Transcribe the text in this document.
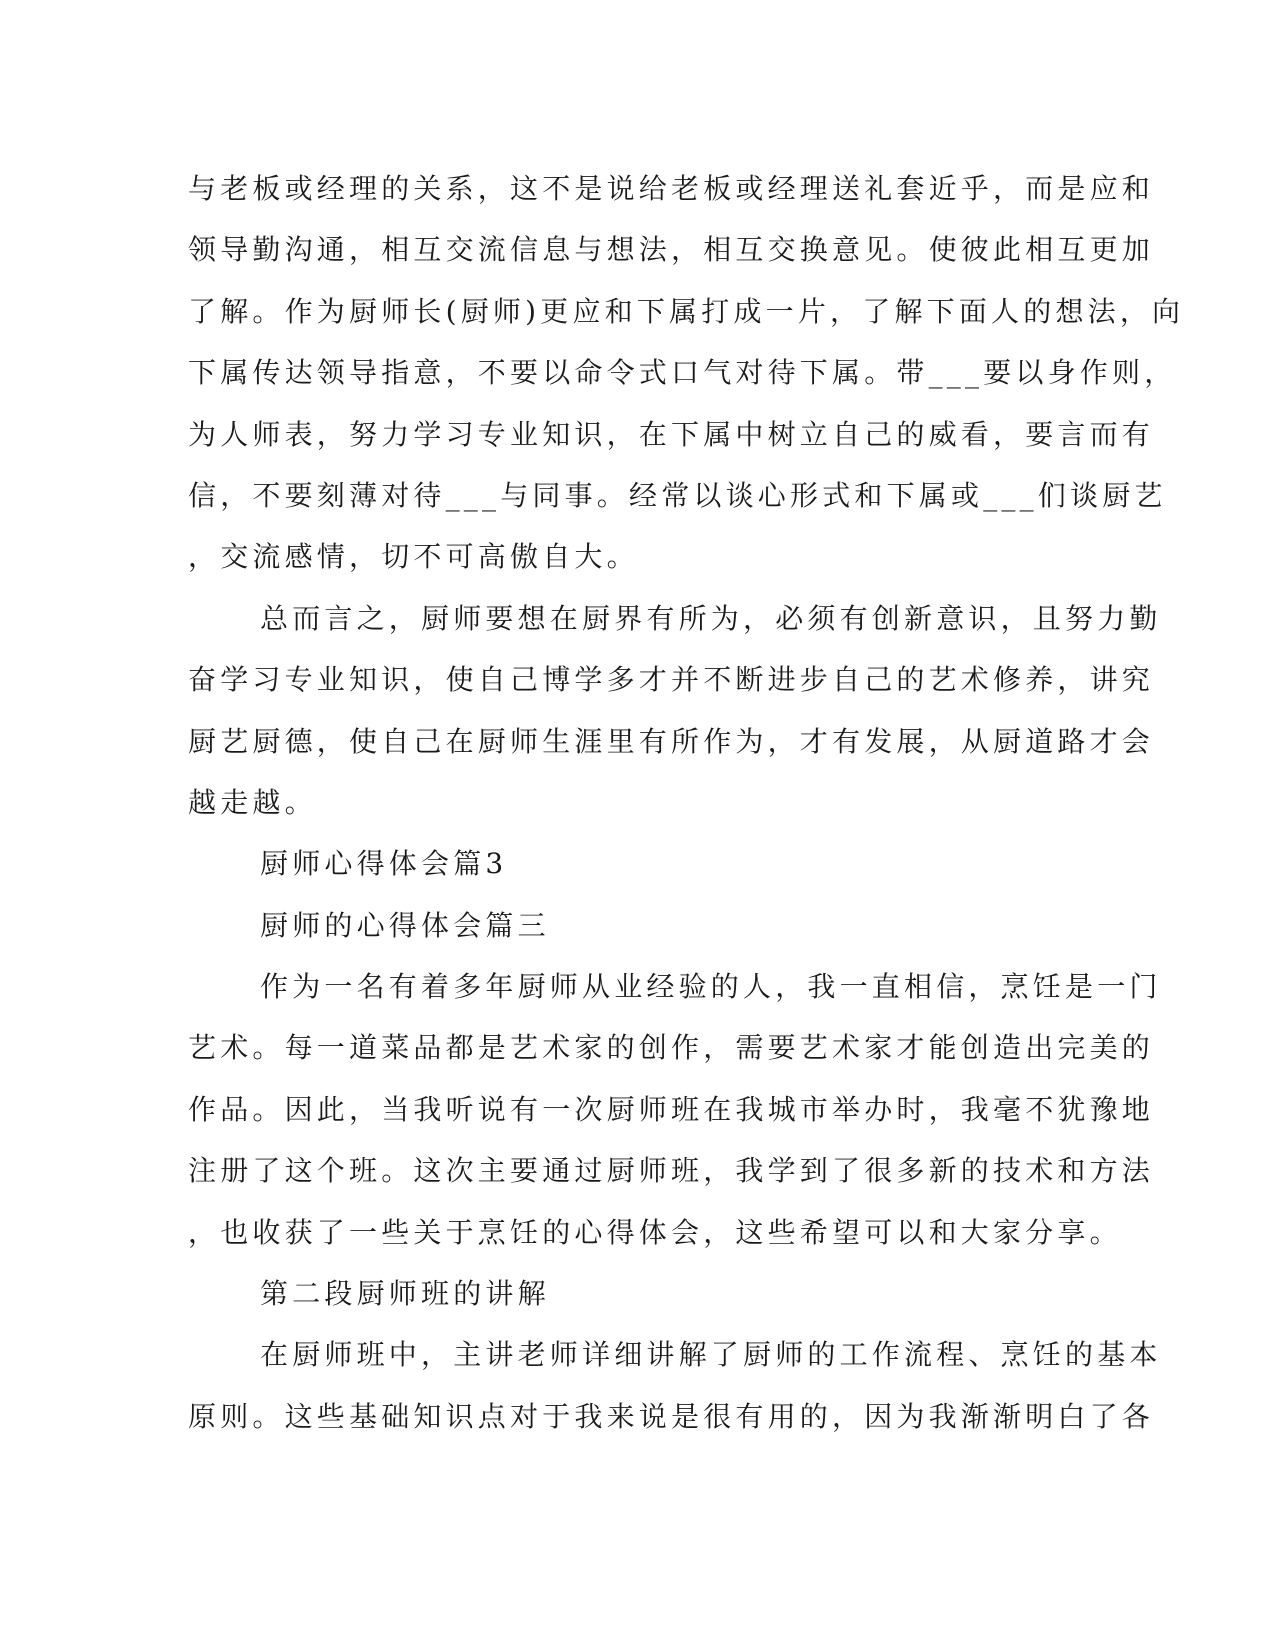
与老板或经理的关系，这不是说给老板或经理送礼套近乎，而是应和
领导勤沟通，相互交流信息与想法，相互交换意见。使彼此相互更加
了解。作为厨师长(厨师)更应和下属打成一片，了解下面人的想法，向
下属传达领导指意，不要以命令式口气对待下属。带___要以身作则，
为人师表，努力学习专业知识，在下属中树立自己的威看，要言而有
信，不要刻薄对待___与同事。经常以谈心形式和下属或___们谈厨艺
，交流感情，切不可高傲自大。
总而言之，厨师要想在厨界有所为，必须有创新意识，且努力勤
奋学习专业知识，使自己博学多才并不断进步自己的艺术修养，讲究
厨艺厨德，使自己在厨师生涯里有所作为，才有发展，从厨道路才会
越走越。
厨师心得体会篇3
厨师的心得体会篇三
作为一名有着多年厨师从业经验的人，我一直相信，烹饪是一门
艺术。每一道菜品都是艺术家的创作，需要艺术家才能创造出完美的
作品。因此，当我听说有一次厨师班在我城市举办时，我毫不犹豫地
注册了这个班。这次主要通过厨师班，我学到了很多新的技术和方法
，也收获了一些关于烹饪的心得体会，这些希望可以和大家分享。
第二段厨师班的讲解
在厨师班中，主讲老师详细讲解了厨师的工作流程、烹饪的基本
原则。这些基础知识点对于我来说是很有用的，因为我渐渐明白了各
